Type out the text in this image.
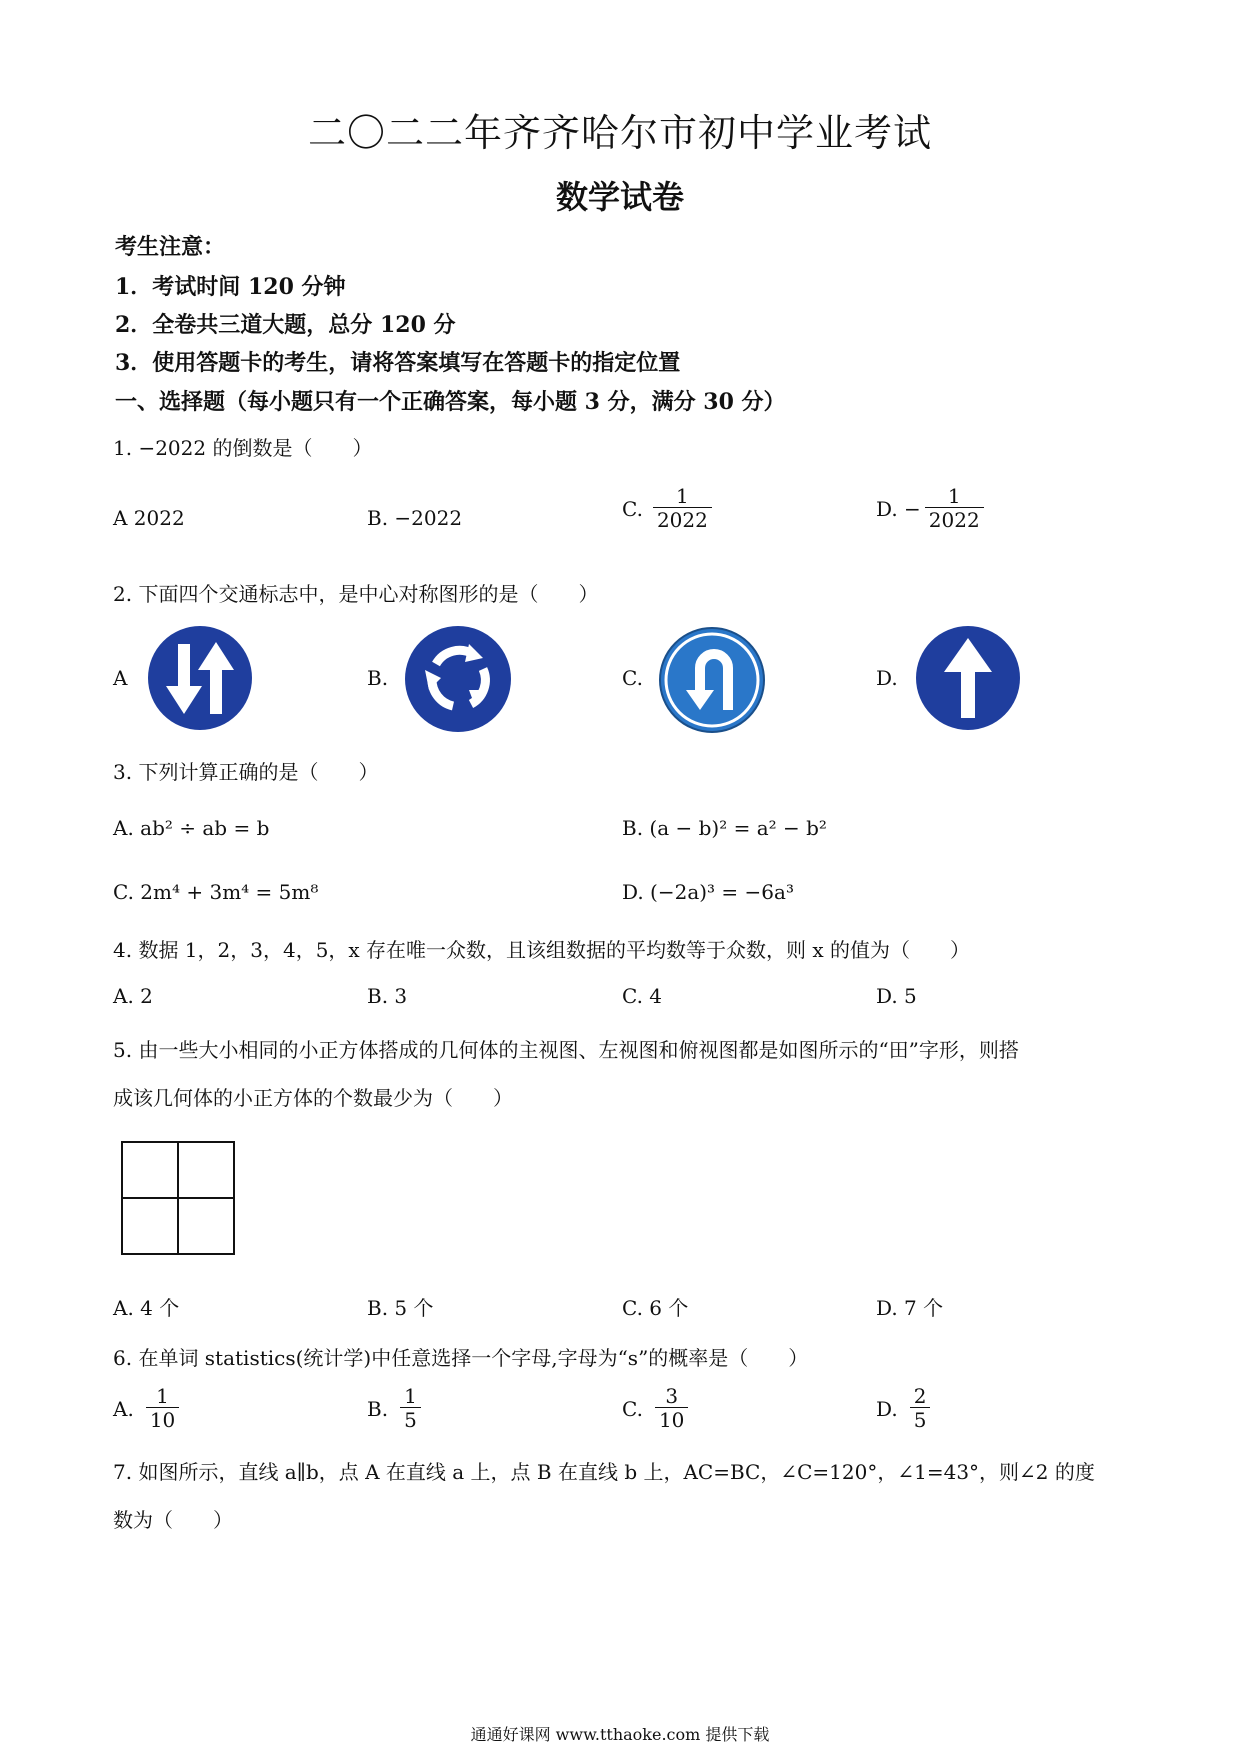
二〇二二年齐齐哈尔市初中学业考试
数学试卷
考生注意：
1．考试时间 120 分钟
2．全卷共三道大题，总分 120 分
3．使用答题卡的考生，请将答案填写在答题卡的指定位置
一、选择题（每小题只有一个正确答案，每小题 3 分，满分 30 分）
1. −2022 的倒数是（　　）
A 2022	B. −2022	C. $\frac{1}{2022}$	D. − $\frac{1}{2022}$
2. 下面四个交通标志中，是中心对称图形的是（　　）
A	B.	C.	D.
3. 下列计算正确的是（　　）
A. ab² ÷ ab = b	B. (a − b)² = a² − b²
C. 2m⁴ + 3m⁴ = 5m⁸	D. (−2a)³ = −6a³
4. 数据 1，2，3，4，5，x 存在唯一众数，且该组数据的平均数等于众数，则 x 的值为（　　）
A. 2	B. 3	C. 4	D. 5
5. 由一些大小相同的小正方体搭成的几何体的主视图、左视图和俯视图都是如图所示的“田”字形，则搭
成该几何体的小正方体的个数最少为（　　）
A. 4 个	B. 5 个	C. 6 个	D. 7 个
6. 在单词 statistics(统计学)中任意选择一个字母,字母为“s”的概率是（　　）
A. $\frac{1}{10}$	B. $\frac{1}{5}$	C. $\frac{3}{10}$	D. $\frac{2}{5}$
7. 如图所示，直线 a∥b，点 A 在直线 a 上，点 B 在直线 b 上，AC=BC，∠C=120°，∠1=43°，则∠2 的度
数为（　　）
通通好课网 www.tthaoke.com 提供下载
